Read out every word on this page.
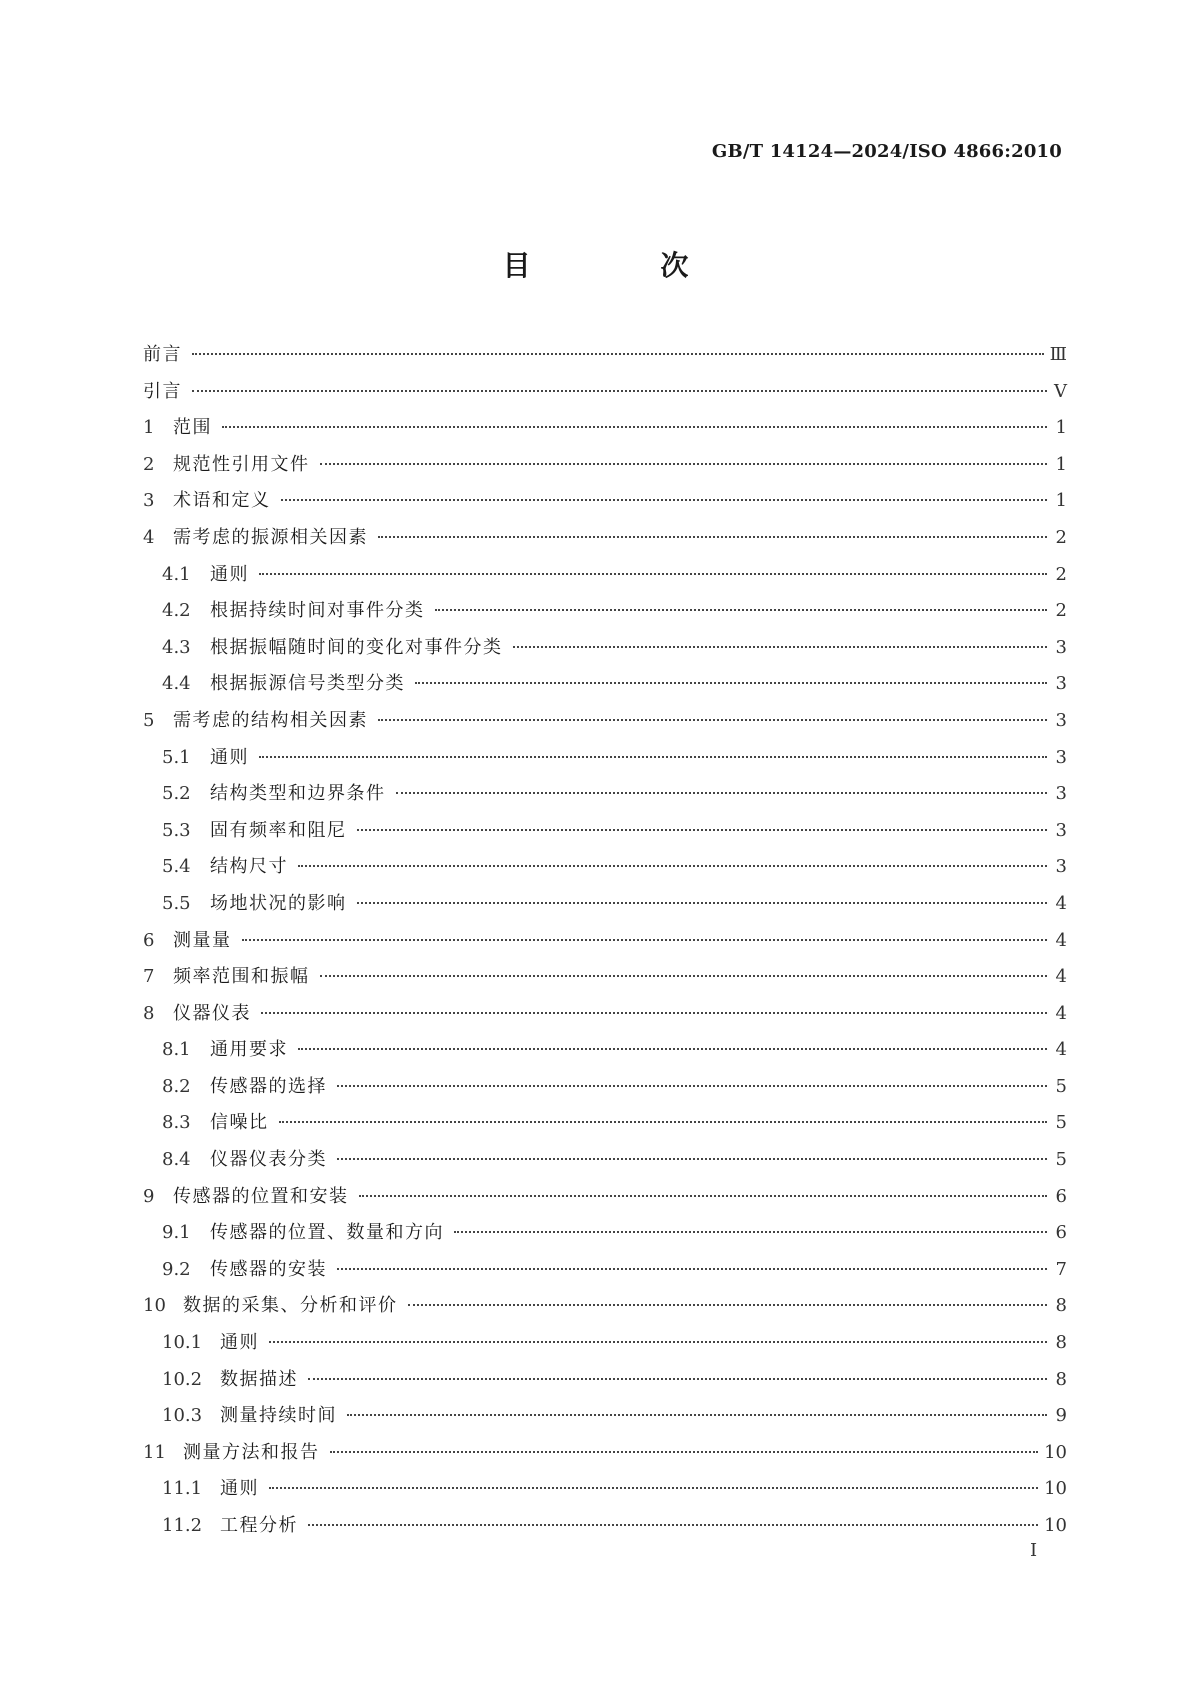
GB/T 14124—2024/ISO 4866:2010
目 次
前言	Ⅲ
引言	Ⅴ
1	范围	1
2	规范性引用文件	1
3	术语和定义	1
4	需考虑的振源相关因素	2
4.1	通则	2
4.2	根据持续时间对事件分类	2
4.3	根据振幅随时间的变化对事件分类	3
4.4	根据振源信号类型分类	3
5	需考虑的结构相关因素	3
5.1	通则	3
5.2	结构类型和边界条件	3
5.3	固有频率和阻尼	3
5.4	结构尺寸	3
5.5	场地状况的影响	4
6	测量量	4
7	频率范围和振幅	4
8	仪器仪表	4
8.1	通用要求	4
8.2	传感器的选择	5
8.3	信噪比	5
8.4	仪器仪表分类	5
9	传感器的位置和安装	6
9.1	传感器的位置、数量和方向	6
9.2	传感器的安装	7
10 数据的采集、分析和评价	8
10.1 通则	8
10.2 数据描述	8
10.3 测量持续时间	9
11 测量方法和报告	10
11.1 通则	10
11.2 工程分析	10
Ⅰ
